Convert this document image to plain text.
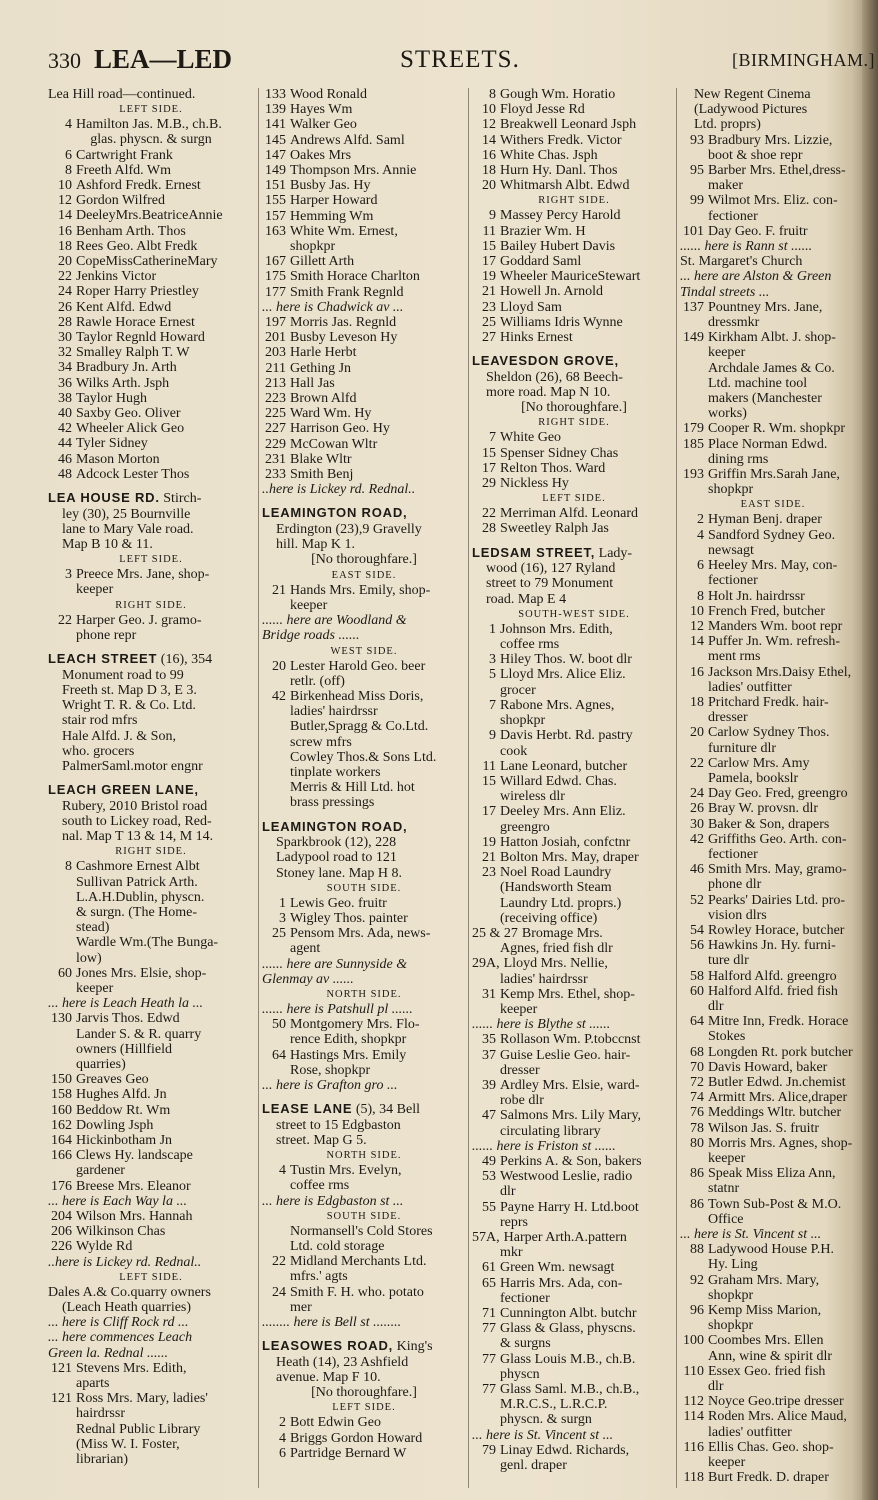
330 LEA—LED	STREETS.	[BIRMINGHAM.]
Lea Hill road—continued.
LEFT SIDE.
4 Hamilton Jas. M.B., ch.B.
glas. physcn. & surgn
6 Cartwright Frank
8 Freeth Alfd. Wm
10 Ashford Fredk. Ernest
12 Gordon Wilfred
14 DeeleyMrs.BeatriceAnnie
16 Benham Arth. Thos
18 Rees Geo. Albt Fredk
20 CopeMissCatherineMary
22 Jenkins Victor
24 Roper Harry Priestley
26 Kent Alfd. Edwd
28 Rawle Horace Ernest
30 Taylor Regnld Howard
32 Smalley Ralph T. W
34 Bradbury Jn. Arth
36 Wilks Arth. Jsph
38 Taylor Hugh
40 Saxby Geo. Oliver
42 Wheeler Alick Geo
44 Tyler Sidney
46 Mason Morton
48 Adcock Lester Thos
LEA HOUSE RD. Stirch-
ley (30), 25 Bournville
lane to Mary Vale road.
Map B 10 & 11.
LEFT SIDE.
3 Preece Mrs. Jane, shop-
keeper
RIGHT SIDE.
22 Harper Geo. J. gramo-
phone repr
LEACH STREET (16), 354
Monument road to 99
Freeth st. Map D 3, E 3.
Wright T. R. & Co. Ltd.
stair rod mfrs
Hale Alfd. J. & Son,
who. grocers
PalmerSaml.motor engnr
LEACH GREEN LANE,
Rubery, 2010 Bristol road
south to Lickey road, Red-
nal. Map T 13 & 14, M 14.
RIGHT SIDE.
8 Cashmore Ernest Albt
Sullivan Patrick Arth.
L.A.H.Dublin, physcn.
& surgn. (The Home-
stead)
Wardle Wm.(The Bunga-
low)
60 Jones Mrs. Elsie, shop-
keeper
... here is Leach Heath la ...
130 Jarvis Thos. Edwd
Lander S. & R. quarry
owners (Hillfield
quarries)
150 Greaves Geo
158 Hughes Alfd. Jn
160 Beddow Rt. Wm
162 Dowling Jsph
164 Hickinbotham Jn
166 Clews Hy. landscape
gardener
176 Breese Mrs. Eleanor
... here is Each Way la ...
204 Wilson Mrs. Hannah
206 Wilkinson Chas
226 Wylde Rd
..here is Lickey rd. Rednal..
LEFT SIDE.
Dales A.& Co.quarry owners
(Leach Heath quarries)
... here is Cliff Rock rd ...
... here commences Leach
Green la. Rednal ......
121 Stevens Mrs. Edith,
aparts
121 Ross Mrs. Mary, ladies'
hairdrssr
Rednal Public Library
(Miss W. I. Foster,
librarian)
133 Wood Ronald
139 Hayes Wm
141 Walker Geo
145 Andrews Alfd. Saml
147 Oakes Mrs
149 Thompson Mrs. Annie
151 Busby Jas. Hy
155 Harper Howard
157 Hemming Wm
163 White Wm. Ernest,
shopkpr
167 Gillett Arth
175 Smith Horace Charlton
177 Smith Frank Regnld
... here is Chadwick av ...
197 Morris Jas. Regnld
201 Busby Leveson Hy
203 Harle Herbt
211 Gething Jn
213 Hall Jas
223 Brown Alfd
225 Ward Wm. Hy
227 Harrison Geo. Hy
229 McCowan Wltr
231 Blake Wltr
233 Smith Benj
..here is Lickey rd. Rednal..
LEAMINGTON ROAD,
Erdington (23),9 Gravelly
hill. Map K 1.
[No thoroughfare.]
EAST SIDE.
21 Hands Mrs. Emily, shop-
keeper
...... here are Woodland &
Bridge roads ......
WEST SIDE.
20 Lester Harold Geo. beer
retlr. (off)
42 Birkenhead Miss Doris,
ladies' hairdrssr
Butler,Spragg & Co.Ltd.
screw mfrs
Cowley Thos.& Sons Ltd.
tinplate workers
Merris & Hill Ltd. hot
brass pressings
LEAMINGTON ROAD,
Sparkbrook (12), 228
Ladypool road to 121
Stoney lane. Map H 8.
SOUTH SIDE.
1 Lewis Geo. fruitr
3 Wigley Thos. painter
25 Pensom Mrs. Ada, news-
agent
...... here are Sunnyside &
Glenmay av ......
NORTH SIDE.
...... here is Patshull pl ......
50 Montgomery Mrs. Flo-
rence Edith, shopkpr
64 Hastings Mrs. Emily
Rose, shopkpr
... here is Grafton gro ...
LEASE LANE (5), 34 Bell
street to 15 Edgbaston
street. Map G 5.
NORTH SIDE.
4 Tustin Mrs. Evelyn,
coffee rms
... here is Edgbaston st ...
SOUTH SIDE.
Normansell's Cold Stores
Ltd. cold storage
22 Midland Merchants Ltd.
mfrs.' agts
24 Smith F. H. who. potato
mer
........ here is Bell st ........
LEASOWES ROAD, King's
Heath (14), 23 Ashfield
avenue. Map F 10.
[No thoroughfare.]
LEFT SIDE.
2 Bott Edwin Geo
4 Briggs Gordon Howard
6 Partridge Bernard W
8 Gough Wm. Horatio
10 Floyd Jesse Rd
12 Breakwell Leonard Jsph
14 Withers Fredk. Victor
16 White Chas. Jsph
18 Hurn Hy. Danl. Thos
20 Whitmarsh Albt. Edwd
RIGHT SIDE.
9 Massey Percy Harold
11 Brazier Wm. H
15 Bailey Hubert Davis
17 Goddard Saml
19 Wheeler MauriceStewart
21 Howell Jn. Arnold
23 Lloyd Sam
25 Williams Idris Wynne
27 Hinks Ernest
LEAVESDON GROVE,
Sheldon (26), 68 Beech-
more road. Map N 10.
[No thoroughfare.]
RIGHT SIDE.
7 White Geo
15 Spenser Sidney Chas
17 Relton Thos. Ward
29 Nickless Hy
LEFT SIDE.
22 Merriman Alfd. Leonard
28 Sweetley Ralph Jas
LEDSAM STREET, Lady-
wood (16), 127 Ryland
street to 79 Monument
road. Map E 4
SOUTH-WEST SIDE.
1 Johnson Mrs. Edith,
coffee rms
3 Hiley Thos. W. boot dlr
5 Lloyd Mrs. Alice Eliz.
grocer
7 Rabone Mrs. Agnes,
shopkpr
9 Davis Herbt. Rd. pastry
cook
11 Lane Leonard, butcher
15 Willard Edwd. Chas.
wireless dlr
17 Deeley Mrs. Ann Eliz.
greengro
19 Hatton Josiah, confctnr
21 Bolton Mrs. May, draper
23 Noel Road Laundry
(Handsworth Steam
Laundry Ltd. proprs.)
(receiving office)
25 & 27 Bromage Mrs.
Agnes, fried fish dlr
29A, Lloyd Mrs. Nellie,
ladies' hairdrssr
31 Kemp Mrs. Ethel, shop-
keeper
...... here is Blythe st ......
35 Rollason Wm. P.tobccnst
37 Guise Leslie Geo. hair-
dresser
39 Ardley Mrs. Elsie, ward-
robe dlr
47 Salmons Mrs. Lily Mary,
circulating library
...... here is Friston st ......
49 Perkins A. & Son, bakers
53 Westwood Leslie, radio
dlr
55 Payne Harry H. Ltd.boot
reprs
57A, Harper Arth.A.pattern
mkr
61 Green Wm. newsagt
65 Harris Mrs. Ada, con-
fectioner
71 Cunnington Albt. butchr
77 Glass & Glass, physcns.
& surgns
77 Glass Louis M.B., ch.B.
physcn
77 Glass Saml. M.B., ch.B.,
M.R.C.S., L.R.C.P.
physcn. & surgn
... here is St. Vincent st ...
79 Linay Edwd. Richards,
genl. draper
New Regent Cinema
(Ladywood Pictures
Ltd. proprs)
93 Bradbury Mrs. Lizzie,
boot & shoe repr
95 Barber Mrs. Ethel,dress-
maker
99 Wilmot Mrs. Eliz. con-
fectioner
101 Day Geo. F. fruitr
...... here is Rann st ......
St. Margaret's Church
... here are Alston & Green
Tindal streets ...
137 Pountney Mrs. Jane,
dressmkr
149 Kirkham Albt. J. shop-
keeper
Archdale James & Co.
Ltd. machine tool
makers (Manchester
works)
179 Cooper R. Wm. shopkpr
185 Place Norman Edwd.
dining rms
193 Griffin Mrs.Sarah Jane,
shopkpr
EAST SIDE.
2 Hyman Benj. draper
4 Sandford Sydney Geo.
newsagt
6 Heeley Mrs. May, con-
fectioner
8 Holt Jn. hairdrssr
10 French Fred, butcher
12 Manders Wm. boot repr
14 Puffer Jn. Wm. refresh-
ment rms
16 Jackson Mrs.Daisy Ethel,
ladies' outfitter
18 Pritchard Fredk. hair-
dresser
20 Carlow Sydney Thos.
furniture dlr
22 Carlow Mrs. Amy
Pamela, bookslr
24 Day Geo. Fred, greengro
26 Bray W. provsn. dlr
30 Baker & Son, drapers
42 Griffiths Geo. Arth. con-
fectioner
46 Smith Mrs. May, gramo-
phone dlr
52 Pearks' Dairies Ltd. pro-
vision dlrs
54 Rowley Horace, butcher
56 Hawkins Jn. Hy. furni-
ture dlr
58 Halford Alfd. greengro
60 Halford Alfd. fried fish
dlr
64 Mitre Inn, Fredk. Horace
Stokes
68 Longden Rt. pork butcher
70 Davis Howard, baker
72 Butler Edwd. Jn.chemist
74 Armitt Mrs. Alice,draper
76 Meddings Wltr. butcher
78 Wilson Jas. S. fruitr
80 Morris Mrs. Agnes, shop-
keeper
86 Speak Miss Eliza Ann,
statnr
86 Town Sub-Post & M.O.
Office
... here is St. Vincent st ...
88 Ladywood House P.H.
Hy. Ling
92 Graham Mrs. Mary,
shopkpr
96 Kemp Miss Marion,
shopkpr
100 Coombes Mrs. Ellen
Ann, wine & spirit dlr
110 Essex Geo. fried fish
dlr
112 Noyce Geo.tripe dresser
114 Roden Mrs. Alice Maud,
ladies' outfitter
116 Ellis Chas. Geo. shop-
keeper
118 Burt Fredk. D. draper
